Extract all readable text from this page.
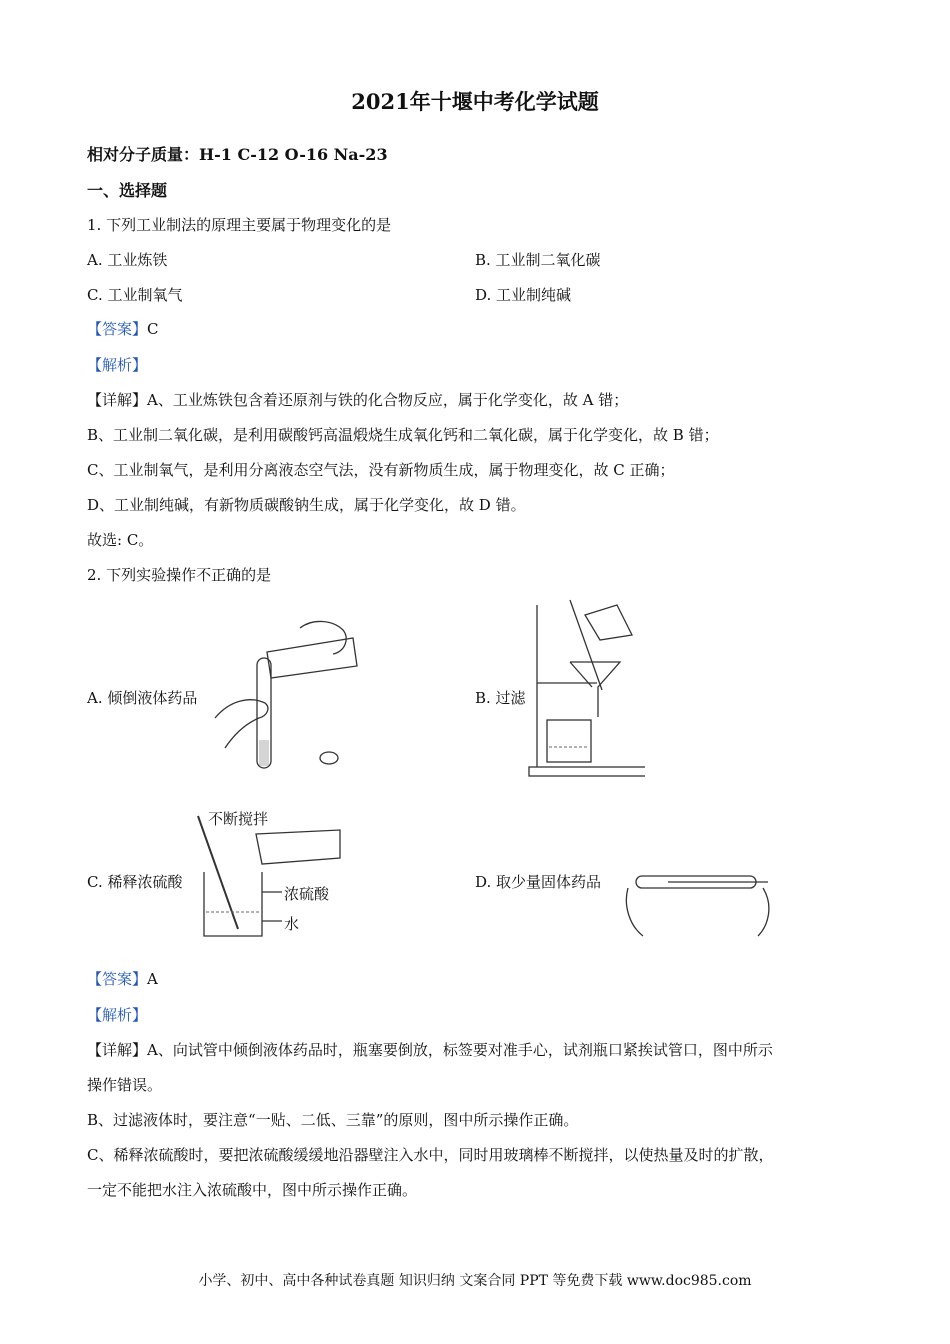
2021年十堰中考化学试题
相对分子质量：H-1 C-12 O-16 Na-23
一、选择题
1. 下列工业制法的原理主要属于物理变化的是
A. 工业炼铁	B. 工业制二氧化碳
C. 工业制氧气	D. 工业制纯碱
【答案】C
【解析】
【详解】A、工业炼铁包含着还原剂与铁的化合物反应，属于化学变化，故 A 错；
B、工业制二氧化碳，是利用碳酸钙高温煅烧生成氧化钙和二氧化碳，属于化学变化，故 B 错；
C、工业制氧气，是利用分离液态空气法，没有新物质生成，属于物理变化，故 C 正确；
D、工业制纯碱，有新物质碳酸钠生成，属于化学变化，故 D 错。
故选: C。
2. 下列实验操作不正确的是
A. 倾倒液体药品	B. 过滤
C. 稀释浓硫酸
不断搅拌
浓硫酸
水
D. 取少量固体药品
【答案】A
【解析】
【详解】A、向试管中倾倒液体药品时，瓶塞要倒放，标签要对准手心，试剂瓶口紧挨试管口，图中所示
操作错误。
B、过滤液体时，要注意“一贴、二低、三靠”的原则，图中所示操作正确。
C、稀释浓硫酸时，要把浓硫酸缓缓地沿器壁注入水中，同时用玻璃棒不断搅拌，以使热量及时的扩散，
一定不能把水注入浓硫酸中，图中所示操作正确。
小学、初中、高中各种试卷真题 知识归纳 文案合同 PPT 等免费下载 www.doc985.com
